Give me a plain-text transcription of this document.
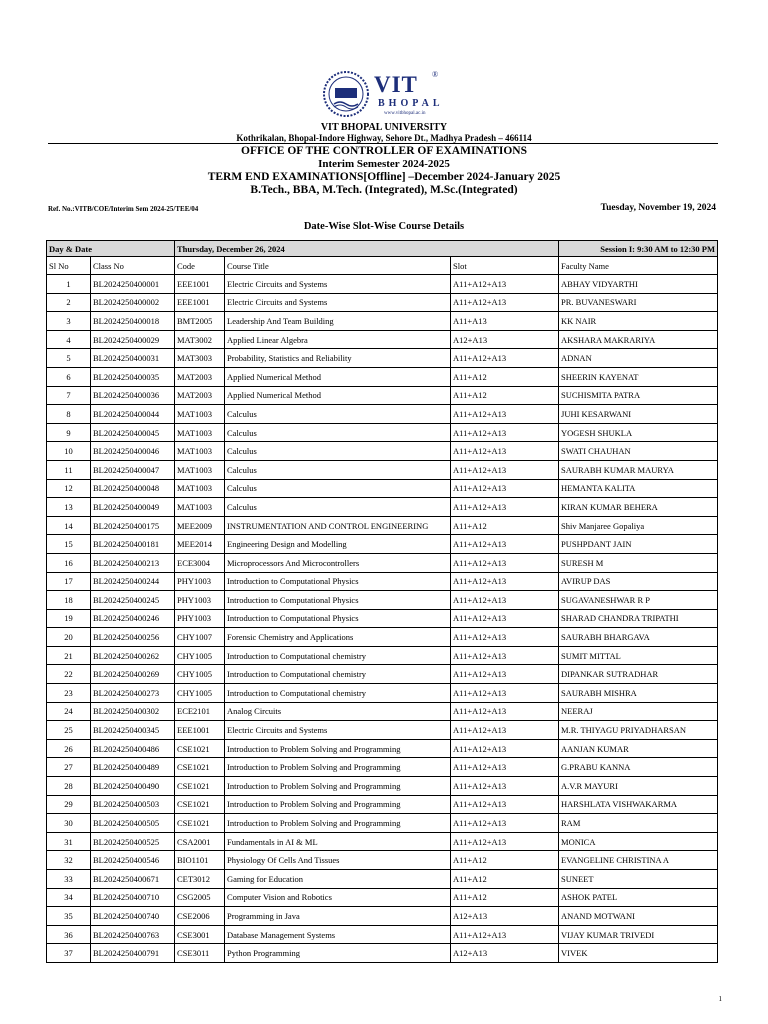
VIT ®
BHOPAL
www.vitbhopal.ac.in
VIT BHOPAL UNIVERSITY
Kothrikalan, Bhopal-Indore Highway, Sehore Dt., Madhya Pradesh – 466114
OFFICE OF THE CONTROLLER OF EXAMINATIONS
Interim Semester 2024-2025
TERM END EXAMINATIONS[Offline] –December 2024-January 2025
B.Tech., BBA, M.Tech. (Integrated), M.Sc.(Integrated)
Ref. No.:VITB/COE/Interim Sem 2024-25/TEE/04	Tuesday, November 19, 2024
Date-Wise Slot-Wise Course Details
Day & Date		Thursday, December 26, 2024			Session I: 9:30 AM to 12:30 PM
Sl No	Class No	Code	Course Title	Slot	Faculty Name
1	BL2024250400001	EEE1001	Electric Circuits and Systems	A11+A12+A13	ABHAY VIDYARTHI
2	BL2024250400002	EEE1001	Electric Circuits and Systems	A11+A12+A13	PR. BUVANESWARI
3	BL2024250400018	BMT2005	Leadership And Team Building	A11+A13	KK NAIR
4	BL2024250400029	MAT3002	Applied Linear Algebra	A12+A13	AKSHARA MAKRARIYA
5	BL2024250400031	MAT3003	Probability, Statistics and Reliability	A11+A12+A13	ADNAN
6	BL2024250400035	MAT2003	Applied Numerical Method	A11+A12	SHEERIN KAYENAT
7	BL2024250400036	MAT2003	Applied Numerical Method	A11+A12	SUCHISMITA PATRA
8	BL2024250400044	MAT1003	Calculus	A11+A12+A13	JUHI KESARWANI
9	BL2024250400045	MAT1003	Calculus	A11+A12+A13	YOGESH SHUKLA
10	BL2024250400046	MAT1003	Calculus	A11+A12+A13	SWATI CHAUHAN
11	BL2024250400047	MAT1003	Calculus	A11+A12+A13	SAURABH KUMAR MAURYA
12	BL2024250400048	MAT1003	Calculus	A11+A12+A13	HEMANTA KALITA
13	BL2024250400049	MAT1003	Calculus	A11+A12+A13	KIRAN KUMAR BEHERA
14	BL2024250400175	MEE2009	INSTRUMENTATION AND CONTROL ENGINEERING	A11+A12	Shiv Manjaree Gopaliya
15	BL2024250400181	MEE2014	Engineering Design and Modelling	A11+A12+A13	PUSHPDANT JAIN
16	BL2024250400213	ECE3004	Microprocessors And Microcontrollers	A11+A12+A13	SURESH M
17	BL2024250400244	PHY1003	Introduction to Computational Physics	A11+A12+A13	AVIRUP DAS
18	BL2024250400245	PHY1003	Introduction to Computational Physics	A11+A12+A13	SUGAVANESHWAR R P
19	BL2024250400246	PHY1003	Introduction to Computational Physics	A11+A12+A13	SHARAD CHANDRA TRIPATHI
20	BL2024250400256	CHY1007	Forensic Chemistry and Applications	A11+A12+A13	SAURABH BHARGAVA
21	BL2024250400262	CHY1005	Introduction to Computational chemistry	A11+A12+A13	SUMIT MITTAL
22	BL2024250400269	CHY1005	Introduction to Computational chemistry	A11+A12+A13	DIPANKAR SUTRADHAR
23	BL2024250400273	CHY1005	Introduction to Computational chemistry	A11+A12+A13	SAURABH MISHRA
24	BL2024250400302	ECE2101	Analog Circuits	A11+A12+A13	NEERAJ
25	BL2024250400345	EEE1001	Electric Circuits and Systems	A11+A12+A13	M.R. THIYAGU PRIYADHARSAN
26	BL2024250400486	CSE1021	Introduction to Problem Solving and Programming	A11+A12+A13	AANJAN KUMAR
27	BL2024250400489	CSE1021	Introduction to Problem Solving and Programming	A11+A12+A13	G.PRABU KANNA
28	BL2024250400490	CSE1021	Introduction to Problem Solving and Programming	A11+A12+A13	A.V.R MAYURI
29	BL2024250400503	CSE1021	Introduction to Problem Solving and Programming	A11+A12+A13	HARSHLATA VISHWAKARMA
30	BL2024250400505	CSE1021	Introduction to Problem Solving and Programming	A11+A12+A13	RAM
31	BL2024250400525	CSA2001	Fundamentals in AI & ML	A11+A12+A13	MONICA
32	BL2024250400546	BIO1101	Physiology Of Cells And Tissues	A11+A12	EVANGELINE CHRISTINA A
33	BL2024250400671	CET3012	Gaming for Education	A11+A12	SUNEET
34	BL2024250400710	CSG2005	Computer Vision and Robotics	A11+A12	ASHOK PATEL
35	BL2024250400740	CSE2006	Programming in Java	A12+A13	ANAND MOTWANI
36	BL2024250400763	CSE3001	Database Management Systems	A11+A12+A13	VIJAY KUMAR TRIVEDI
37	BL2024250400791	CSE3011	Python Programming	A12+A13	VIVEK
1
